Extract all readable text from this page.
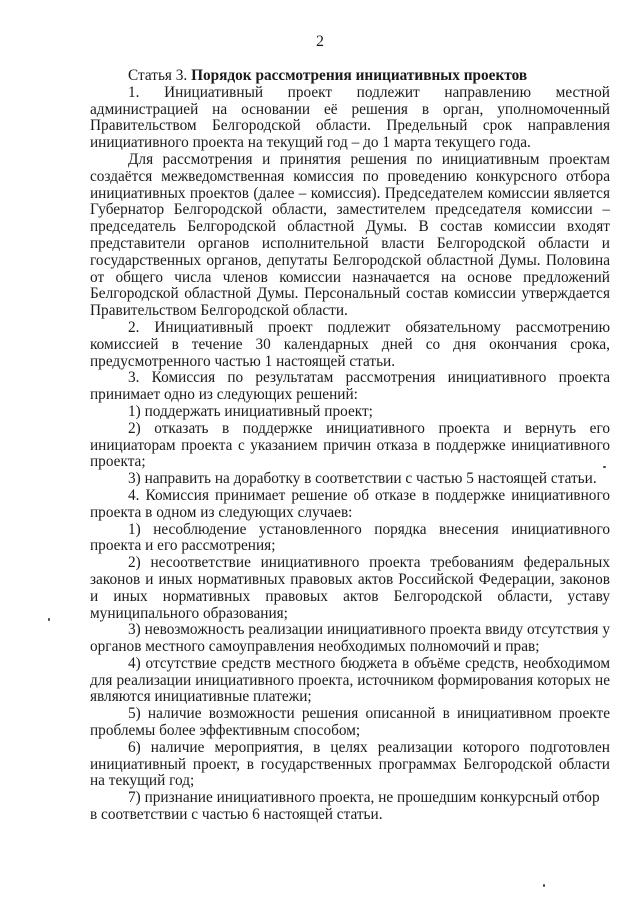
2

Статья 3. Порядок рассмотрения инициативных проектов

1. Инициативный проект подлежит направлению местной администрацией на основании её решения в орган, уполномоченный Правительством Белгородской области. Предельный срок направления инициативного проекта на текущий год – до 1 марта текущего года.

Для рассмотрения и принятия решения по инициативным проектам создаётся межведомственная комиссия по проведению конкурсного отбора инициативных проектов (далее – комиссия). Председателем комиссии является Губернатор Белгородской области, заместителем председателя комиссии – председатель Белгородской областной Думы. В состав комиссии входят представители органов исполнительной власти Белгородской области и государственных органов, депутаты Белгородской областной Думы. Половина от общего числа членов комиссии назначается на основе предложений Белгородской областной Думы. Персональный состав комиссии утверждается Правительством Белгородской области.

2. Инициативный проект подлежит обязательному рассмотрению комиссией в течение 30 календарных дней со дня окончания срока, предусмотренного частью 1 настоящей статьи.

3. Комиссия по результатам рассмотрения инициативного проекта принимает одно из следующих решений:

1) поддержать инициативный проект;

2) отказать в поддержке инициативного проекта и вернуть его инициаторам проекта с указанием причин отказа в поддержке инициативного проекта;

3) направить на доработку в соответствии с частью 5 настоящей статьи.

4. Комиссия принимает решение об отказе в поддержке инициативного проекта в одном из следующих случаев:

1) несоблюдение установленного порядка внесения инициативного проекта и его рассмотрения;

2) несоответствие инициативного проекта требованиям федеральных законов и иных нормативных правовых актов Российской Федерации, законов и иных нормативных правовых актов Белгородской области, уставу муниципального образования;

3) невозможность реализации инициативного проекта ввиду отсутствия у органов местного самоуправления необходимых полномочий и прав;

4) отсутствие средств местного бюджета в объёме средств, необходимом для реализации инициативного проекта, источником формирования которых не являются инициативные платежи;

5) наличие возможности решения описанной в инициативном проекте проблемы более эффективным способом;

6) наличие мероприятия, в целях реализации которого подготовлен инициативный проект, в государственных программах Белгородской области на текущий год;

7) признание инициативного проекта, не прошедшим конкурсный отбор в соответствии с частью 6 настоящей статьи.
